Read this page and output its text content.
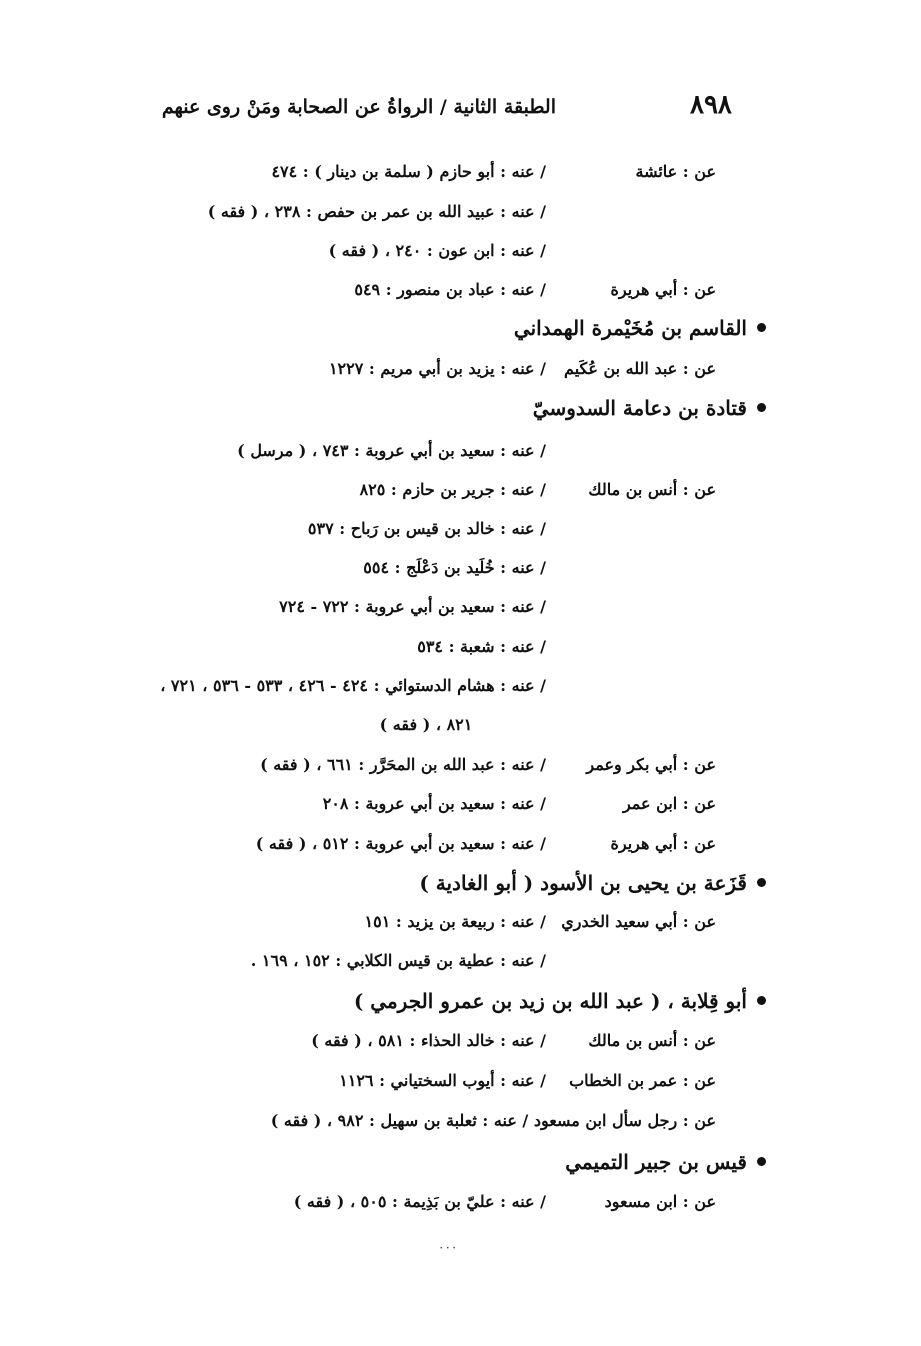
٨٩٨
الطبقة الثانية / الرواةُ عن الصحابة ومَنْ روى عنهم
عن : عائشة
/ عنه : أبو حازم ( سلمة بن دينار ) : ٤٧٤
/ عنه : عبيد الله بن عمر بن حفص : ٢٣٨ ، ( فقه )
/ عنه : ابن عون : ٢٤٠ ، ( فقه )
عن : أبي هريرة
/ عنه : عباد بن منصور : ٥٤٩
القاسم بن مُخَيْمرة الهمداني
عن : عبد الله بن عُكَيم
/ عنه : يزيد بن أبي مريم : ١٢٢٧
قتادة بن دعامة السدوسيّ
/ عنه : سعيد بن أبي عروبة : ٧٤٣ ، ( مرسل )
عن : أنس بن مالك
/ عنه : جرير بن حازم : ٨٢٥
/ عنه : خالد بن قيس بن رَباح : ٥٣٧
/ عنه : خُلَيد بن دَعْلَج : ٥٥٤
/ عنه : سعيد بن أبي عروبة : ٧٢٢ - ٧٢٤
/ عنه : شعبة : ٥٣٤
/ عنه : هشام الدستوائي : ٤٢٤ - ٤٢٦ ، ٥٣٣ - ٥٣٦ ، ٧٢١ ،
٨٢١ ، ( فقه )
عن : أبي بكر وعمر
/ عنه : عبد الله بن المحَرَّر : ٦٦١ ، ( فقه )
عن : ابن عمر
/ عنه : سعيد بن أبي عروبة : ٢٠٨
عن : أبي هريرة
/ عنه : سعيد بن أبي عروبة : ٥١٢ ، ( فقه )
قَزَعة بن يحيى بن الأسود ( أبو الغادية )
عن : أبي سعيد الخدري
/ عنه : ربيعة بن يزيد : ١٥١
/ عنه : عطية بن قيس الكلابي : ١٥٢ ، ١٦٩ .
أبو قِلابة ، ( عبد الله بن زيد بن عمرو الجرمي )
عن : أنس بن مالك
/ عنه : خالد الحذاء : ٥٨١ ، ( فقه )
عن : عمر بن الخطاب
/ عنه : أيوب السختياني : ١١٢٦
عن : رجل سأل ابن مسعود / عنه : ثعلبة بن سهيل : ٩٨٢ ، ( فقه )
قيس بن جبير التميمي
عن : ابن مسعود
/ عنه : عليّ بن بَذِيمة : ٥٠٥ ، ( فقه )
٠٠٠
